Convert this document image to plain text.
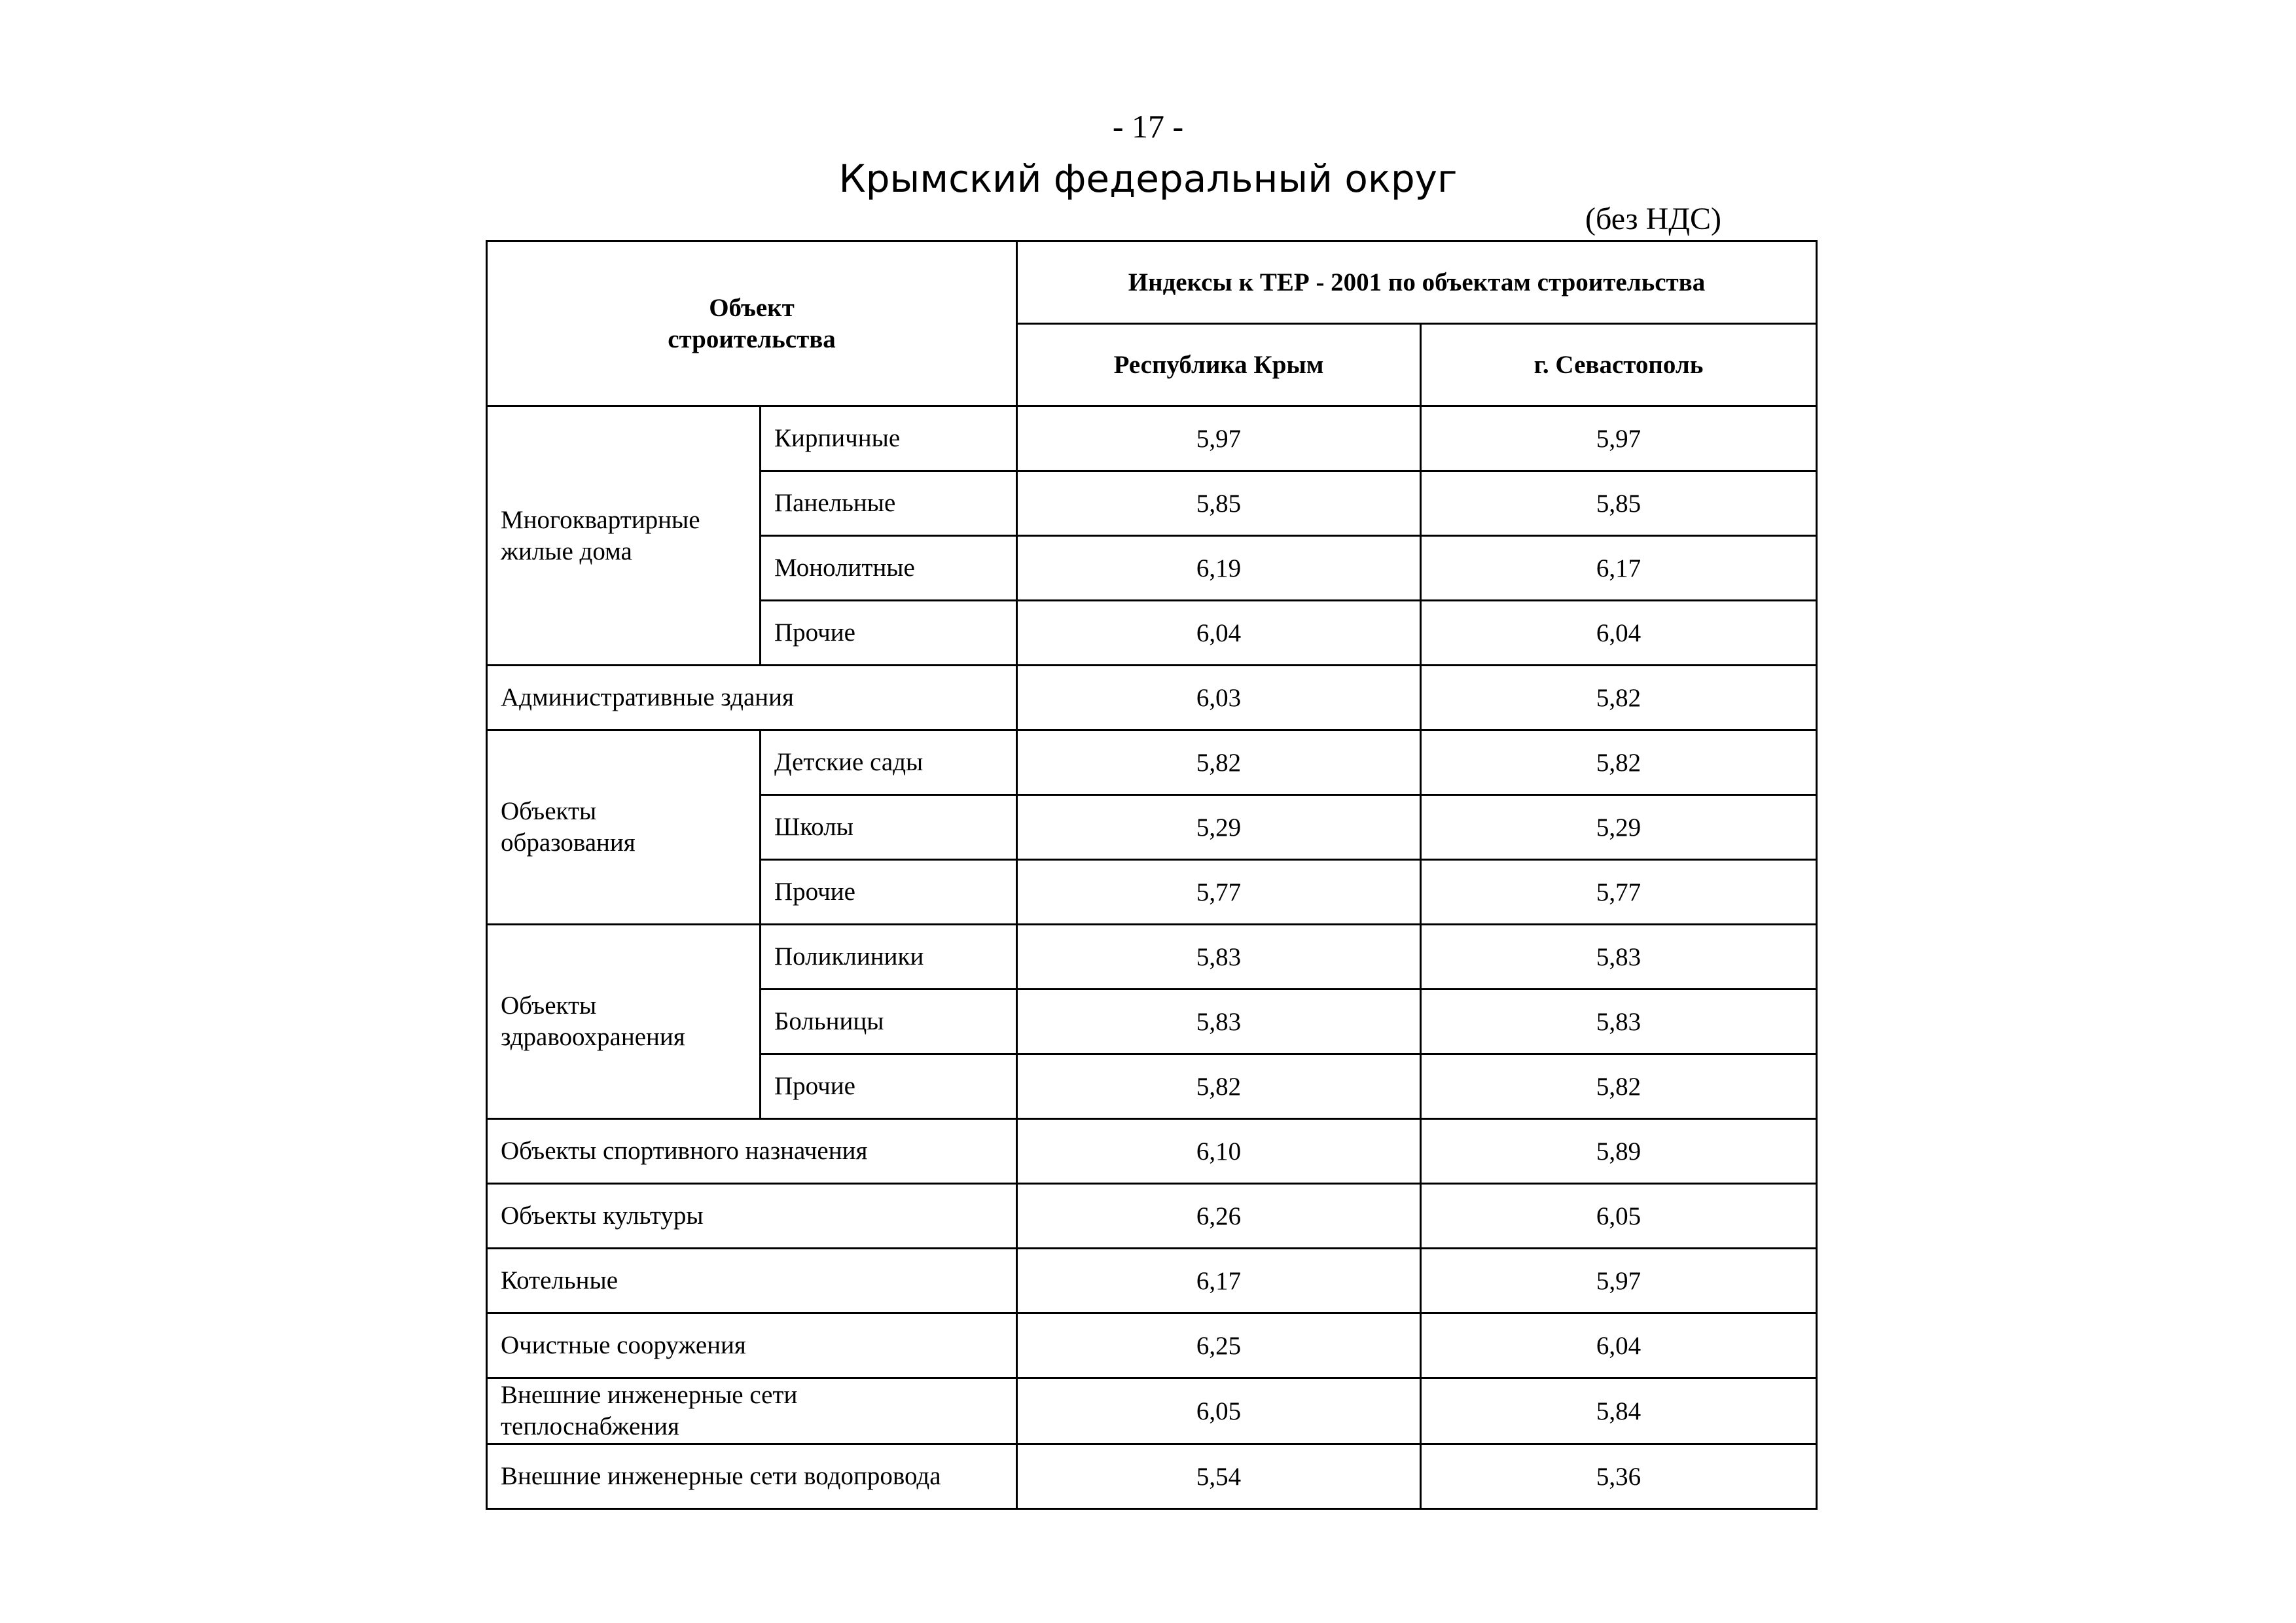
- 17 -
Крымский федеральный округ
(без НДС)
Объект строительства		Индексы к ТЕР - 2001 по объектам строительства	
		Республика Крым	г. Севастополь

Многоквартирные жилые дома	Кирпичные	5,97	5,97
	Панельные	5,85	5,85
	Монолитные	6,19	6,17
	Прочие	6,04	6,04
Административные здания		6,03	5,82

Объекты образования	Детские сады	5,82	5,82
	Школы	5,29	5,29
	Прочие	5,77	5,77

Объекты здравоохранения	Поликлиники	5,83	5,83
	Больницы	5,83	5,83
	Прочие	5,82	5,82
Объекты спортивного назначения		6,10	5,89
Объекты культуры		6,26	6,05
Котельные		6,17	5,97
Очистные сооружения		6,25	6,04

Внешние инженерные сети теплоснабжения		6,05	5,84
Внешние инженерные сети водопровода		5,54	5,36
